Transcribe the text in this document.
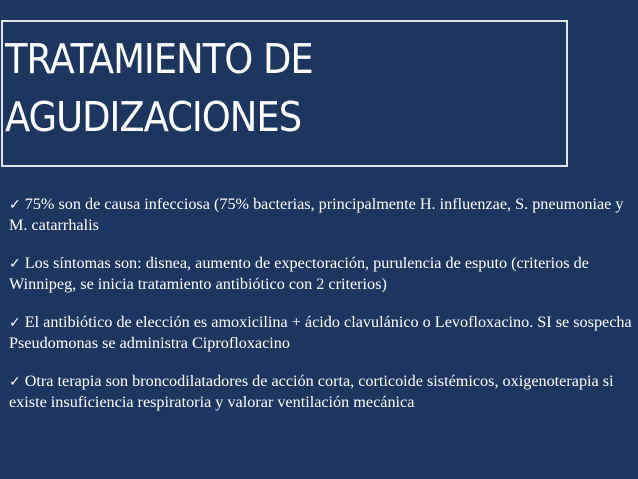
TRATAMIENTO DE
AGUDIZACIONES
✓ 75% son de causa infecciosa (75% bacterias, principalmente H. influenzae, S. pneumoniae y M. catarrhalis
✓ Los síntomas son: disnea, aumento de expectoración, purulencia de esputo (criterios de Winnipeg, se inicia tratamiento antibiótico con 2 criterios)
✓ El antibiótico de elección es amoxicilina + ácido clavulánico o Levofloxacino. SI se sospecha Pseudomonas se administra Ciprofloxacino
✓ Otra terapia son broncodilatadores de acción corta, corticoide sistémicos, oxigenoterapia si existe insuficiencia respiratoria y valorar ventilación mecánica
